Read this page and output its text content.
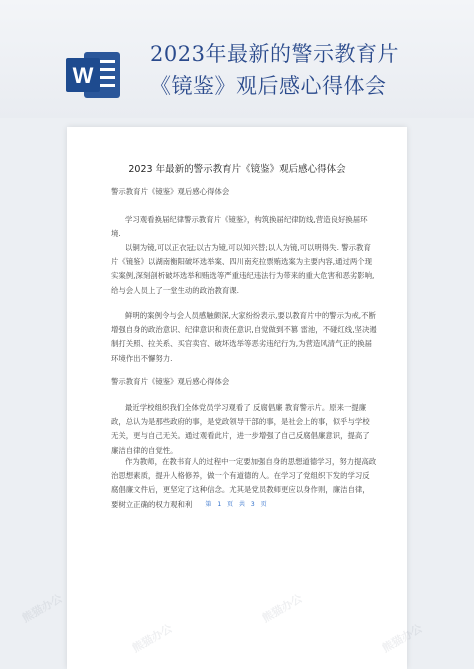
W
2023年最新的警示教育片
《镜鉴》观后感心得体会
2023 年最新的警示教育片《镜鉴》观后感心得体会
警示教育片《镜鉴》观后感心得体会
学习观看换届纪律警示教育片《镜鉴》，构筑换届纪律防线,营造良好换届环境.
以铜为镜,可以正衣冠;以古为镜,可以知兴替;以人为镜,可以明得失. 警示教育片《镜鉴》以湖南衡阳破坏选举案、四川南充拉票贿选案为主要内容,通过两个现实案例,深刻剖析破坏选举和贿选等严重违纪违法行为带来的重大危害和恶劣影响,给与会人员上了一堂生动的政治教育课.
鲜明的案例令与会人员感触颇深,大家纷纷表示,要以教育片中的警示为戒,不断增强自身的政治意识、纪律意识和责任意识,自觉做到不篡 雷池，不碰红线,坚决遏制打关照、拉关系、买官卖官、破坏选举等恶劣违纪行为,为营造风清气正的换届环境作出不懈努力.
警示教育片《镜鉴》观后感心得体会
最近学校组织我们全体党员学习观看了 反腐倡廉 教育警示片。原来一提廉政，总认为是那些政府的事，是党政领导干部的事，是社会上的事，似乎与学校无关，更与自己无关。通过观看此片，进一步增强了自己反腐倡廉意识，提高了廉洁自律的自觉性。
作为教师，在教书育人的过程中一定要加强自身的思想道德学习，努力提高政治思想素质，提升人格修养，做一个有道德的人。在学习了党组织下发的学习反腐倡廉文件后，更坚定了这种信念。尤其是党员教师更应以身作则，廉洁自律，要树立正确的权力观和利	第 1 页 共 3 页
熊猫办公
